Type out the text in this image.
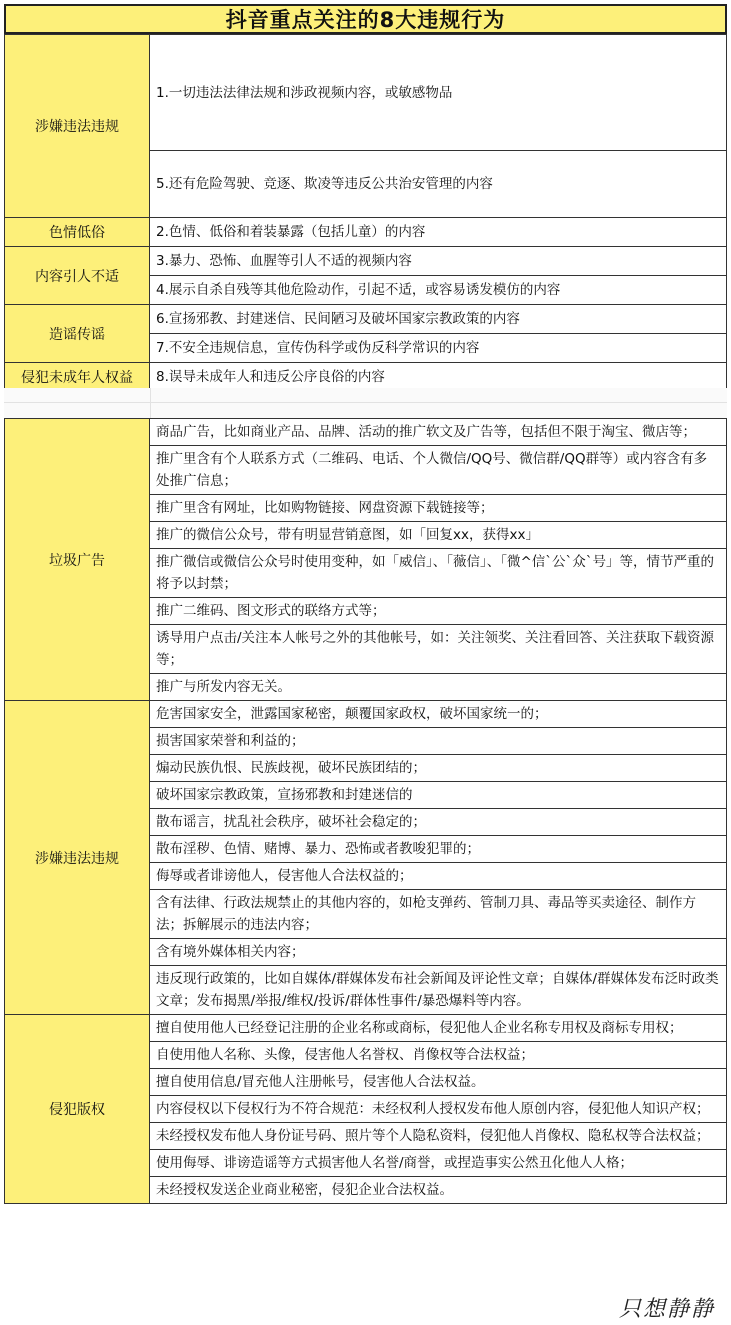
抖音重点关注的8大违规行为
涉嫌违法违规	1.一切违法法律法规和涉政视频内容，或敏感物品
	5.还有危险驾驶、竞逐、欺凌等违反公共治安管理的内容
色情低俗	2.色情、低俗和着装暴露（包括儿童）的内容
内容引人不适	3.暴力、恐怖、血腥等引人不适的视频内容
	4.展示自杀自残等其他危险动作，引起不适，或容易诱发模仿的内容
造谣传谣	6.宣扬邪教、封建迷信、民间陋习及破坏国家宗教政策的内容
	7.不安全违规信息，宣传伪科学或伪反科学常识的内容
侵犯未成年人权益	8.误导未成年人和违反公序良俗的内容
垃圾广告	商品广告，比如商业产品、品牌、活动的推广软文及广告等，包括但不限于淘宝、微店等；
	推广里含有个人联系方式（二维码、电话、个人微信/QQ号、微信群/QQ群等）或内容含有多处推广信息；
	推广里含有网址，比如购物链接、网盘资源下载链接等；
	推广的微信公众号，带有明显营销意图，如「回复xx，获得xx」
	推广微信或微信公众号时使用变种，如「威信」、「薇信」、「微^信`公`众`号」等，情节严重的将予以封禁；
	推广二维码、图文形式的联络方式等；
	诱导用户点击/关注本人帐号之外的其他帐号，如：关注领奖、关注看回答、关注获取下载资源等；
	推广与所发内容无关。
涉嫌违法违规	危害国家安全，泄露国家秘密，颠覆国家政权，破坏国家统一的；
	损害国家荣誉和利益的；
	煽动民族仇恨、民族歧视，破坏民族团结的；
	破坏国家宗教政策，宣扬邪教和封建迷信的
	散布谣言，扰乱社会秩序，破坏社会稳定的；
	散布淫秽、色情、赌博、暴力、恐怖或者教唆犯罪的；
	侮辱或者诽谤他人，侵害他人合法权益的；
	含有法律、行政法规禁止的其他内容的，如枪支弹药、管制刀具、毒品等买卖途径、制作方法；拆解展示的违法内容；
	含有境外媒体相关内容；
	违反现行政策的，比如自媒体/群媒体发布社会新闻及评论性文章；自媒体/群媒体发布泛时政类文章；发布揭黑/举报/维权/投诉/群体性事件/暴恐爆料等内容。
侵犯版权	擅自使用他人已经登记注册的企业名称或商标，侵犯他人企业名称专用权及商标专用权；
	自使用他人名称、头像，侵害他人名誉权、肖像权等合法权益；
	擅自使用信息/冒充他人注册帐号，侵害他人合法权益。
	内容侵权以下侵权行为不符合规范：未经权利人授权发布他人原创内容，侵犯他人知识产权；
	未经授权发布他人身份证号码、照片等个人隐私资料，侵犯他人肖像权、隐私权等合法权益；
	使用侮辱、诽谤造谣等方式损害他人名誉/商誉，或捏造事实公然丑化他人人格；
	未经授权发送企业商业秘密，侵犯企业合法权益。
只想静静
